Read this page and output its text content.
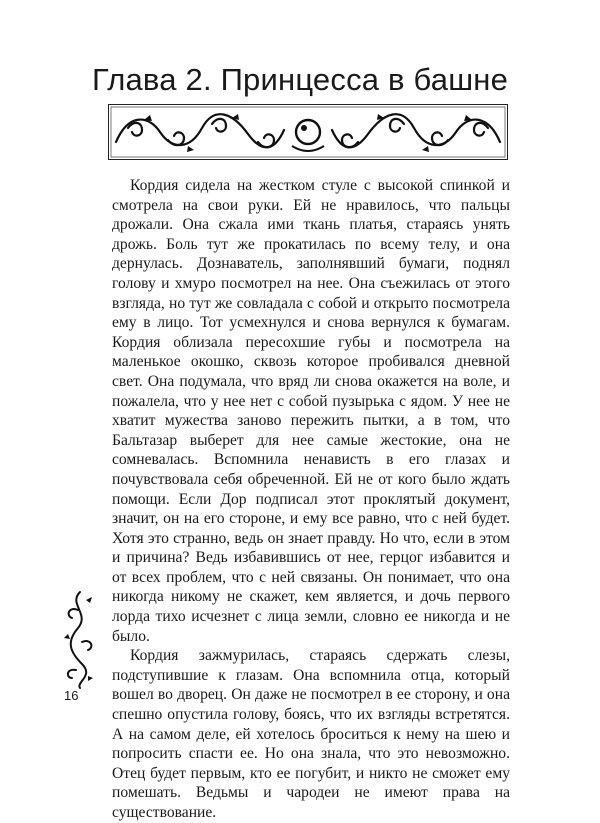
Глава 2. Принцесса в башне

Кордия сидела на жестком стуле с высокой спинкой и смотрела на свои руки. Ей не нравилось, что пальцы дрожали. Она сжала ими ткань платья, стараясь унять дрожь. Боль тут же прокатилась по всему телу, и она дернулась. Дознаватель, заполнявший бумаги, поднял голову и хмуро посмотрел на нее. Она съежилась от этого взгляда, но тут же совладала с собой и открыто посмотрела ему в лицо. Тот усмехнулся и снова вернулся к бумагам. Кордия облизала пересохшие губы и посмотрела на маленькое окошко, сквозь которое пробивался дневной свет. Она подумала, что вряд ли снова окажется на воле, и пожалела, что у нее нет с собой пузырька с ядом. У нее не хватит мужества заново пережить пытки, а в том, что Бальтазар выберет для нее самые жестокие, она не сомневалась. Вспомнила ненависть в его глазах и почувствовала себя обреченной. Ей не от кого было ждать помощи. Если Дор подписал этот проклятый документ, значит, он на его стороне, и ему все равно, что с ней будет. Хотя это странно, ведь он знает правду. Но что, если в этом и причина? Ведь избавившись от нее, герцог избавится и от всех проблем, что с ней связаны. Он понимает, что она никогда никому не скажет, кем является, и дочь первого лорда тихо исчезнет с лица земли, словно ее никогда и не было.

Кордия зажмурилась, стараясь сдержать слезы, подступившие к глазам. Она вспомнила отца, который вошел во дворец. Он даже не посмотрел в ее сторону, и она спешно опустила голову, боясь, что их взгляды встретятся. А на самом деле, ей хотелось броситься к нему на шею и попросить спасти ее. Но она знала, что это невозможно. Отец будет первым, кто ее погубит, и никто не сможет ему помешать. Ведьмы и чародеи не имеют права на существование.

16
